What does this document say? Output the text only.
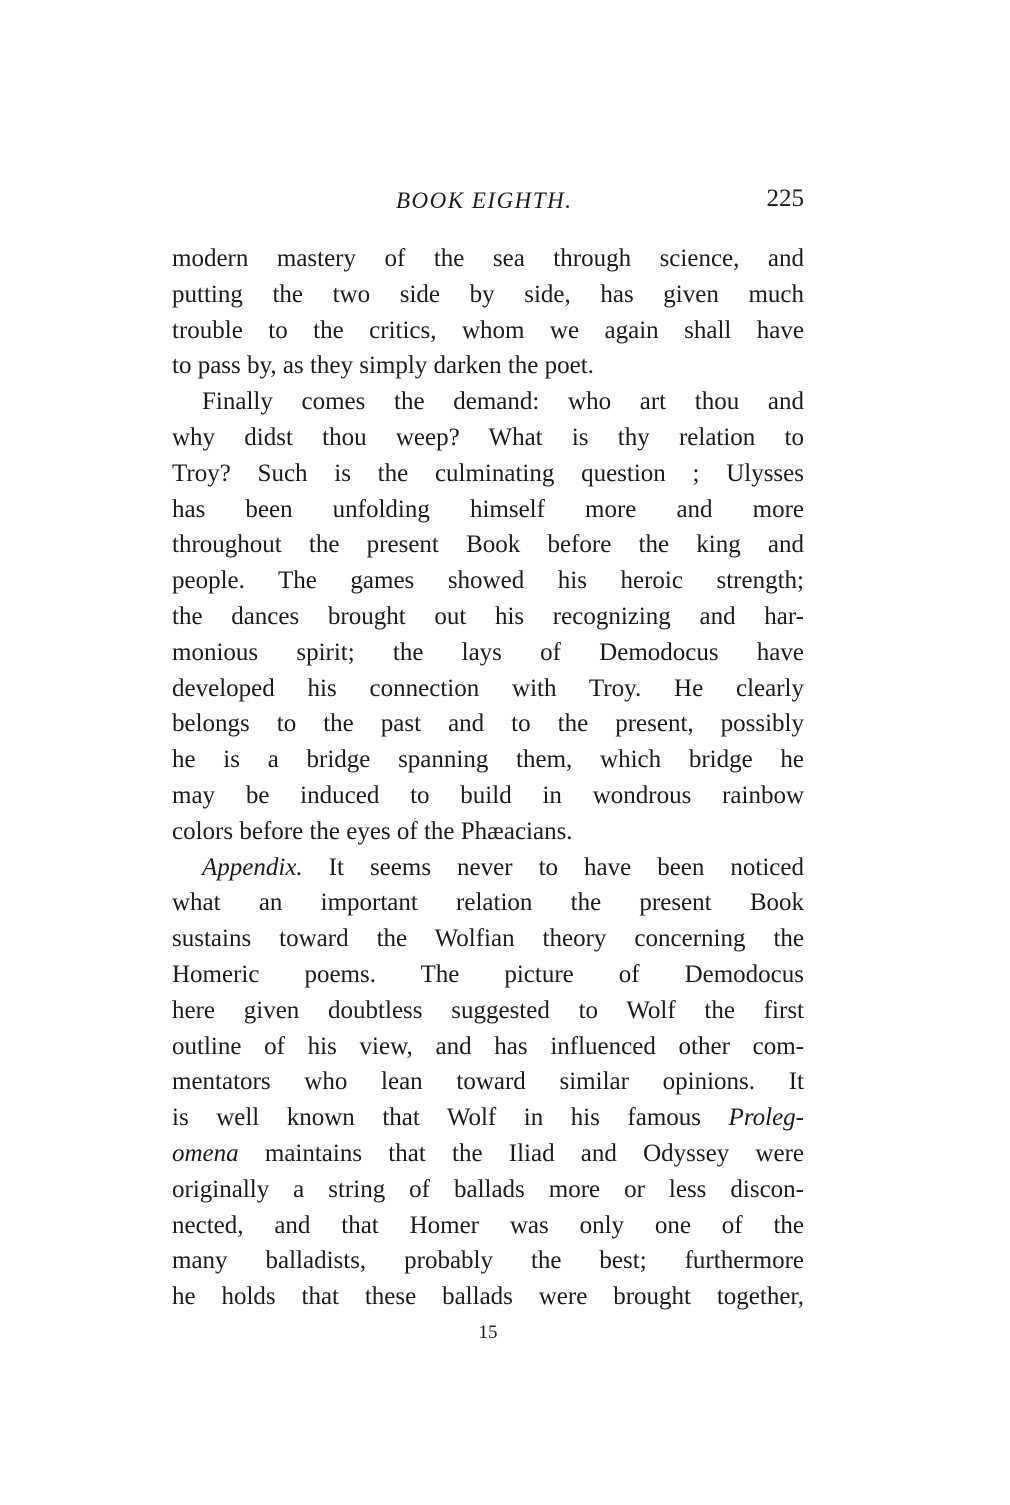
BOOK EIGHTH.	225
modern mastery of the sea through science, and
putting the two side by side, has given much
trouble to the critics, whom we again shall have
to pass by, as they simply darken the poet.
Finally comes the demand: who art thou and
why didst thou weep? What is thy relation to
Troy? Such is the culminating question ; Ulysses
has been unfolding himself more and more
throughout the present Book before the king and
people. The games showed his heroic strength;
the dances brought out his recognizing and har-
monious spirit; the lays of Demodocus have
developed his connection with Troy. He clearly
belongs to the past and to the present, possibly
he is a bridge spanning them, which bridge he
may be induced to build in wondrous rainbow
colors before the eyes of the Phæacians.
Appendix. It seems never to have been noticed
what an important relation the present Book
sustains toward the Wolfian theory concerning the
Homeric poems. The picture of Demodocus
here given doubtless suggested to Wolf the first
outline of his view, and has influenced other com-
mentators who lean toward similar opinions. It
is well known that Wolf in his famous Proleg-
omena maintains that the Iliad and Odyssey were
originally a string of ballads more or less discon-
nected, and that Homer was only one of the
many balladists, probably the best; furthermore
he holds that these ballads were brought together,
15
